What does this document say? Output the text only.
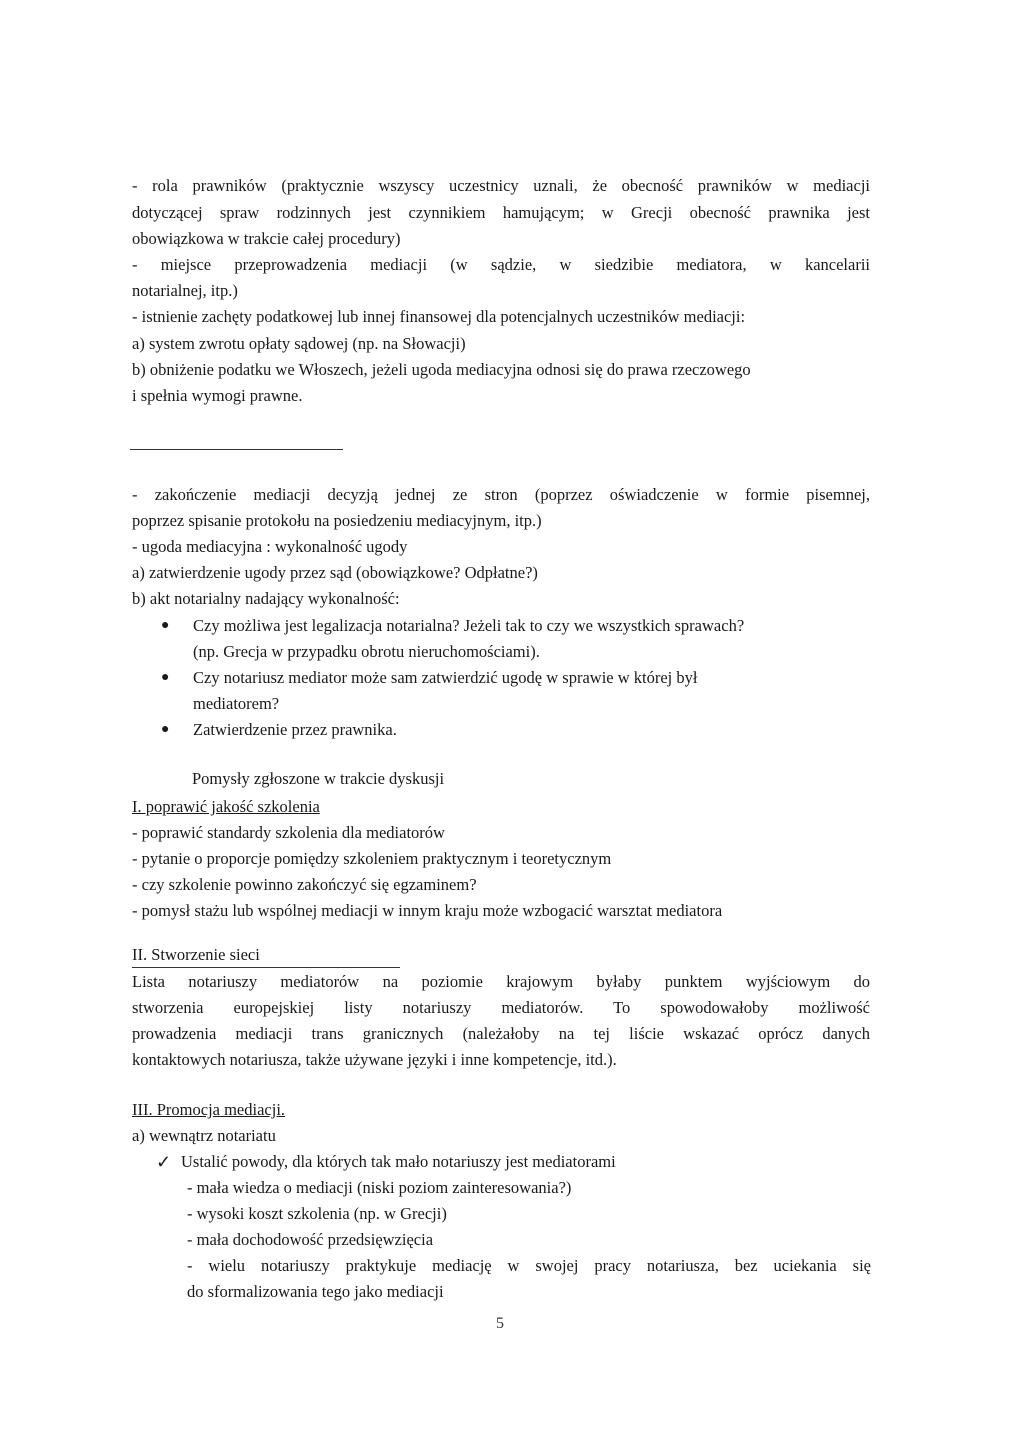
- rola prawników (praktycznie wszyscy uczestnicy uznali, że obecność prawników w mediacji
dotyczącej spraw rodzinnych jest czynnikiem hamującym; w Grecji obecność prawnika jest
obowiązkowa w trakcie całej procedury)
- miejsce przeprowadzenia mediacji (w sądzie, w siedzibie mediatora, w kancelarii
notarialnej, itp.)
- istnienie zachęty podatkowej lub innej finansowej dla potencjalnych uczestników mediacji:
a) system zwrotu opłaty sądowej (np. na Słowacji)
b) obniżenie podatku we Włoszech, jeżeli ugoda mediacyjna odnosi się do prawa rzeczowego
i spełnia wymogi prawne.
- zakończenie mediacji decyzją jednej ze stron (poprzez oświadczenie w formie pisemnej,
poprzez spisanie protokołu na posiedzeniu mediacyjnym, itp.)
- ugoda mediacyjna : wykonalność ugody
a) zatwierdzenie ugody przez sąd (obowiązkowe? Odpłatne?)
b) akt notarialny nadający wykonalność:
● Czy możliwa jest legalizacja notarialna? Jeżeli tak to czy we wszystkich sprawach?
(np. Grecja w przypadku obrotu nieruchomościami).
● Czy notariusz mediator może sam zatwierdzić ugodę w sprawie w której był
mediatorem?
● Zatwierdzenie przez prawnika.
Pomysły zgłoszone w trakcie dyskusji
I. poprawić jakość szkolenia
- poprawić standardy szkolenia dla mediatorów
- pytanie o proporcje pomiędzy szkoleniem praktycznym i teoretycznym
- czy szkolenie powinno zakończyć się egzaminem?
- pomysł stażu lub wspólnej mediacji w innym kraju może wzbogacić warsztat mediatora
II. Stworzenie sieci
Lista notariuszy mediatorów na poziomie krajowym byłaby punktem wyjściowym do
stworzenia europejskiej listy notariuszy mediatorów. To spowodowałoby możliwość
prowadzenia mediacji trans granicznych (należałoby na tej liście wskazać oprócz danych
kontaktowych notariusza, także używane języki i inne kompetencje, itd.).
III. Promocja mediacji.
a) wewnątrz notariatu
✓ Ustalić powody, dla których tak mało notariuszy jest mediatorami
- mała wiedza o mediacji (niski poziom zainteresowania?)
- wysoki koszt szkolenia (np. w Grecji)
- mała dochodowość przedsięwzięcia
- wielu notariuszy praktykuje mediację w swojej pracy notariusza, bez uciekania się
do sformalizowania tego jako mediacji
5
